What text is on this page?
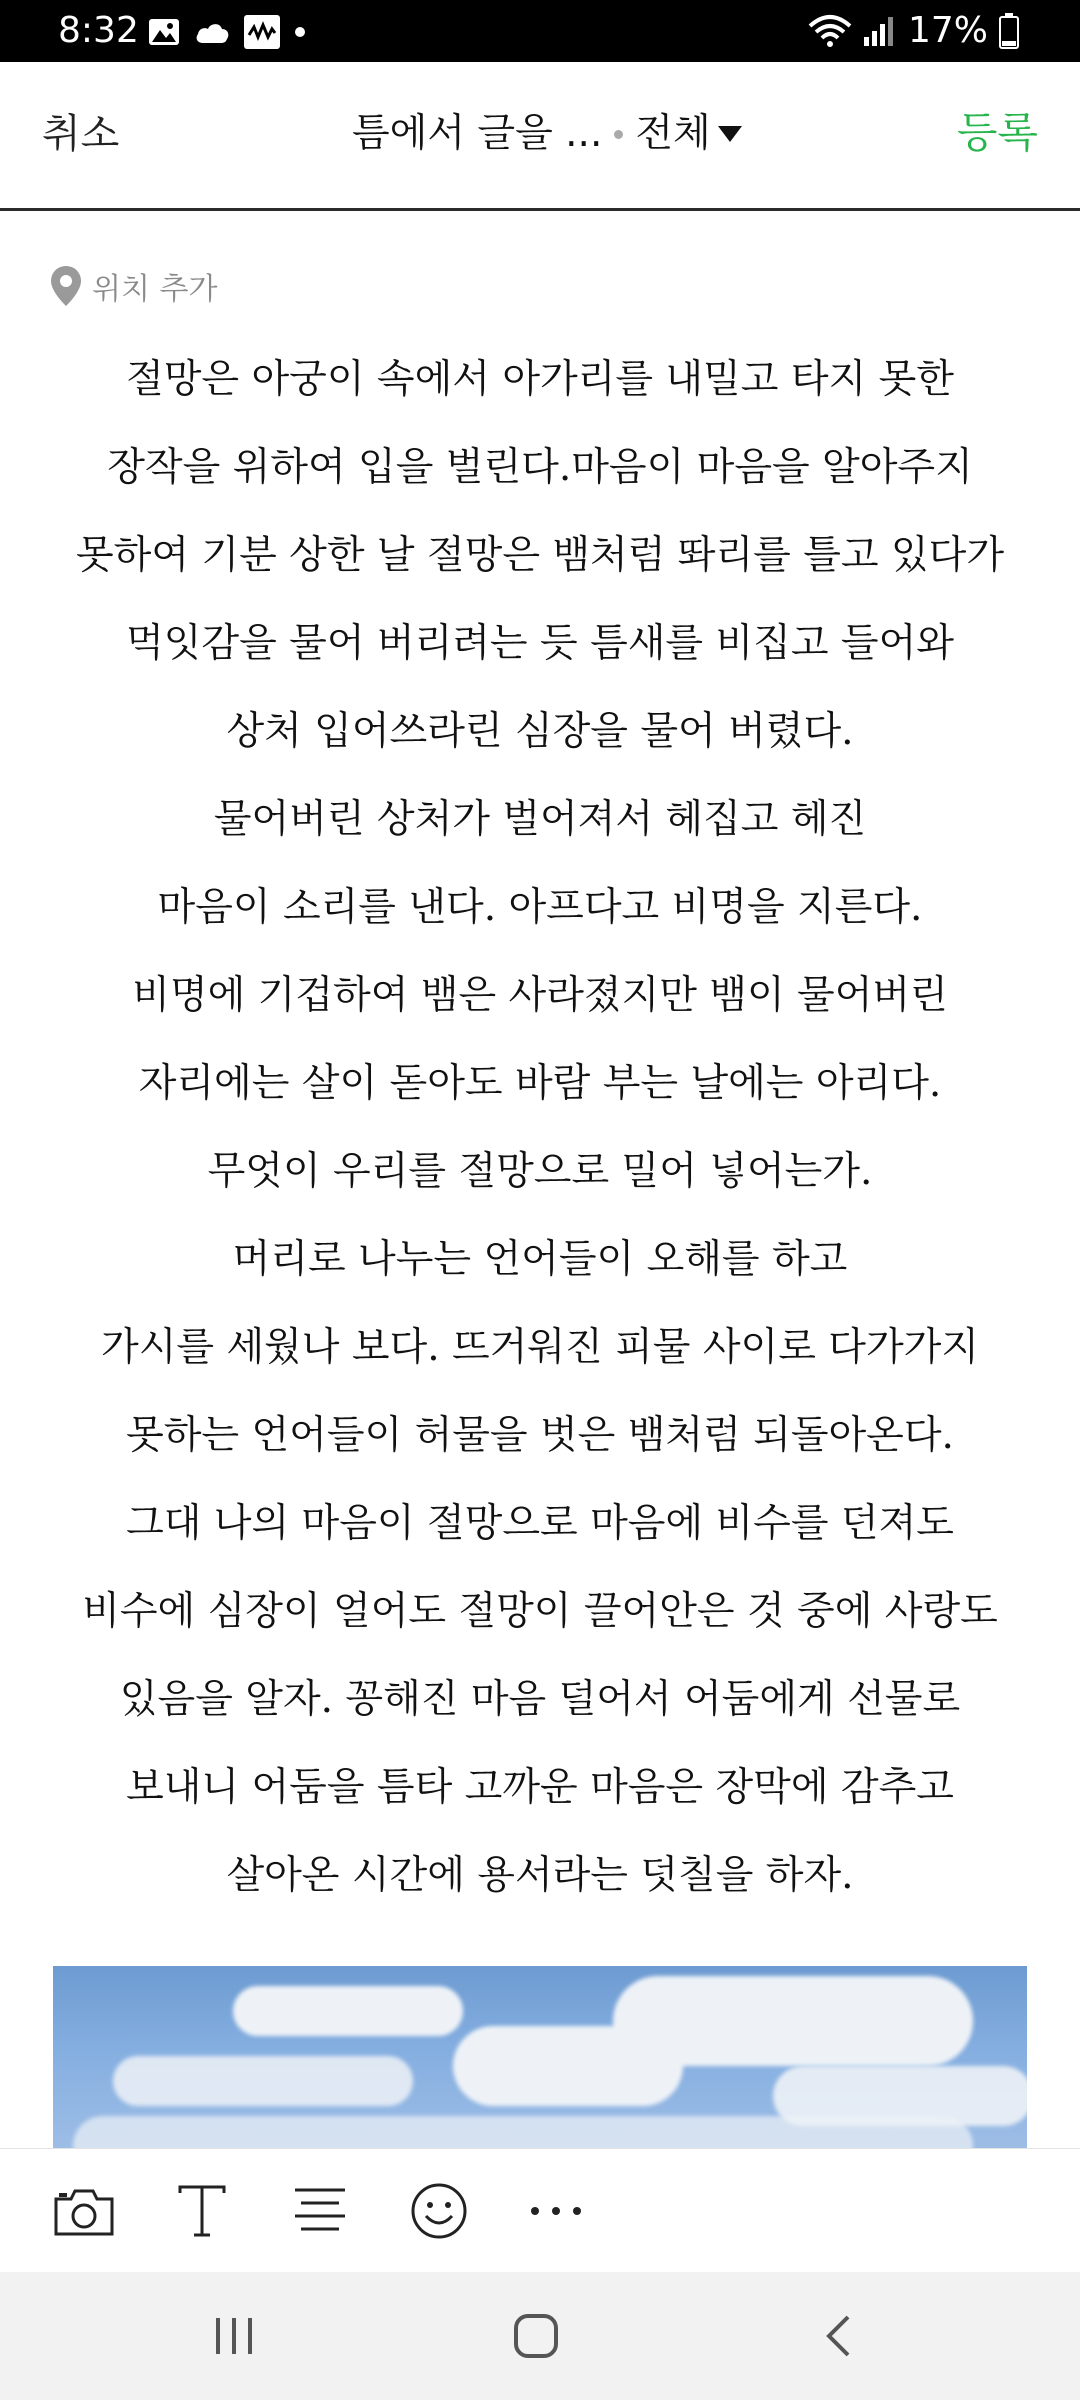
8:32	17%
취소	틈에서 글을 ... 전체	등록
위치 추가
절망은 아궁이 속에서 아가리를 내밀고 타지 못한
장작을 위하여 입을 벌린다.마음이 마음을 알아주지
못하여 기분 상한 날 절망은 뱀처럼 똬리를 틀고 있다가
먹잇감을 물어 버리려는 듯 틈새를 비집고 들어와
상처 입어쓰라린 심장을 물어 버렸다.
물어버린 상처가 벌어져서 헤집고 헤진
마음이 소리를 낸다. 아프다고 비명을 지른다.
비명에 기겁하여 뱀은 사라졌지만 뱀이 물어버린
자리에는 살이 돋아도 바람 부는 날에는 아리다.
무엇이 우리를 절망으로 밀어 넣어는가.
머리로 나누는 언어들이 오해를 하고
가시를 세웠나 보다. 뜨거워진 피물 사이로 다가가지
못하는 언어들이 허물을 벗은 뱀처럼 되돌아온다.
그대 나의 마음이 절망으로 마음에 비수를 던져도
비수에 심장이 얼어도 절망이 끌어안은 것 중에 사랑도
있음을 알자. 꽁해진 마음 덜어서 어둠에게 선물로
보내니 어둠을 틈타 고까운 마음은 장막에 감추고
살아온 시간에 용서라는 덧칠을 하자.
